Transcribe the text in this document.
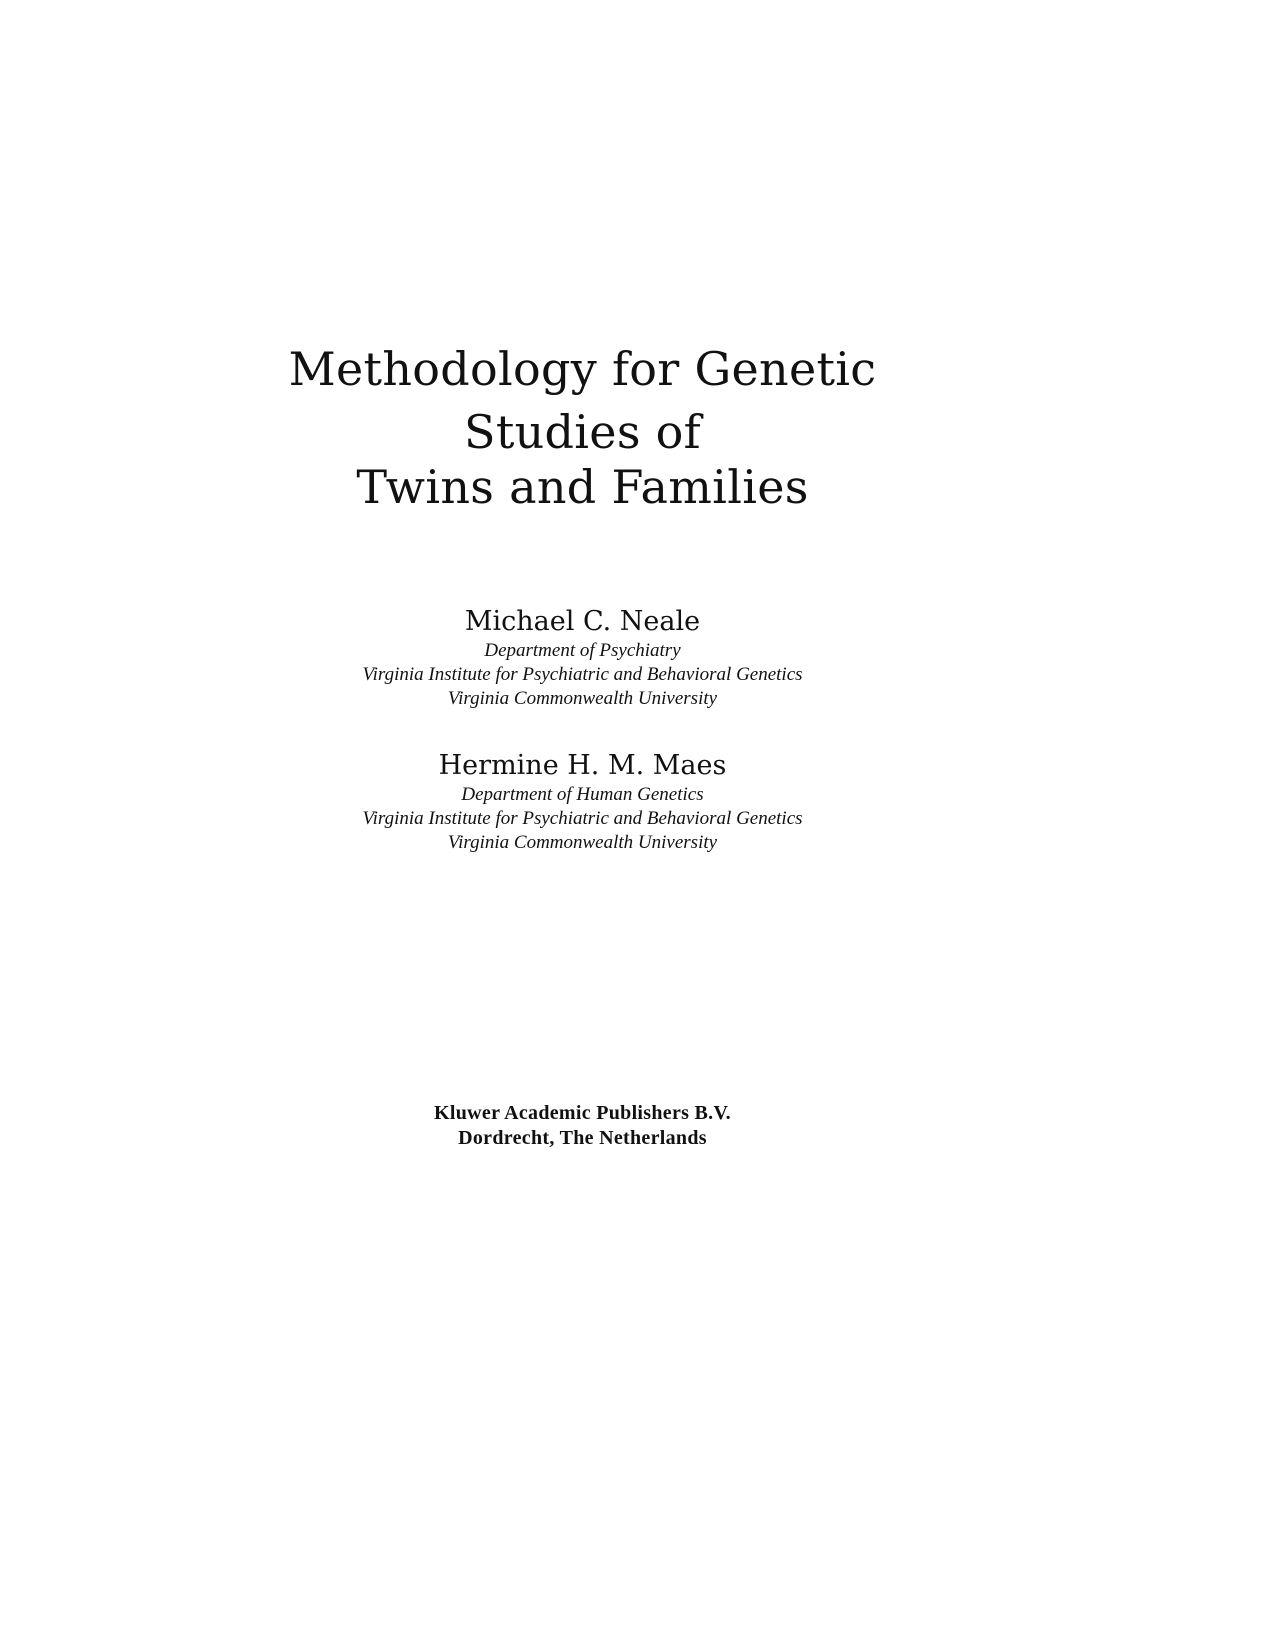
Methodology for Genetic
Studies of
Twins and Families
Michael C. Neale
Department of Psychiatry
Virginia Institute for Psychiatric and Behavioral Genetics
Virginia Commonwealth University
Hermine H. M. Maes
Department of Human Genetics
Virginia Institute for Psychiatric and Behavioral Genetics
Virginia Commonwealth University
Kluwer Academic Publishers B.V.
Dordrecht, The Netherlands
